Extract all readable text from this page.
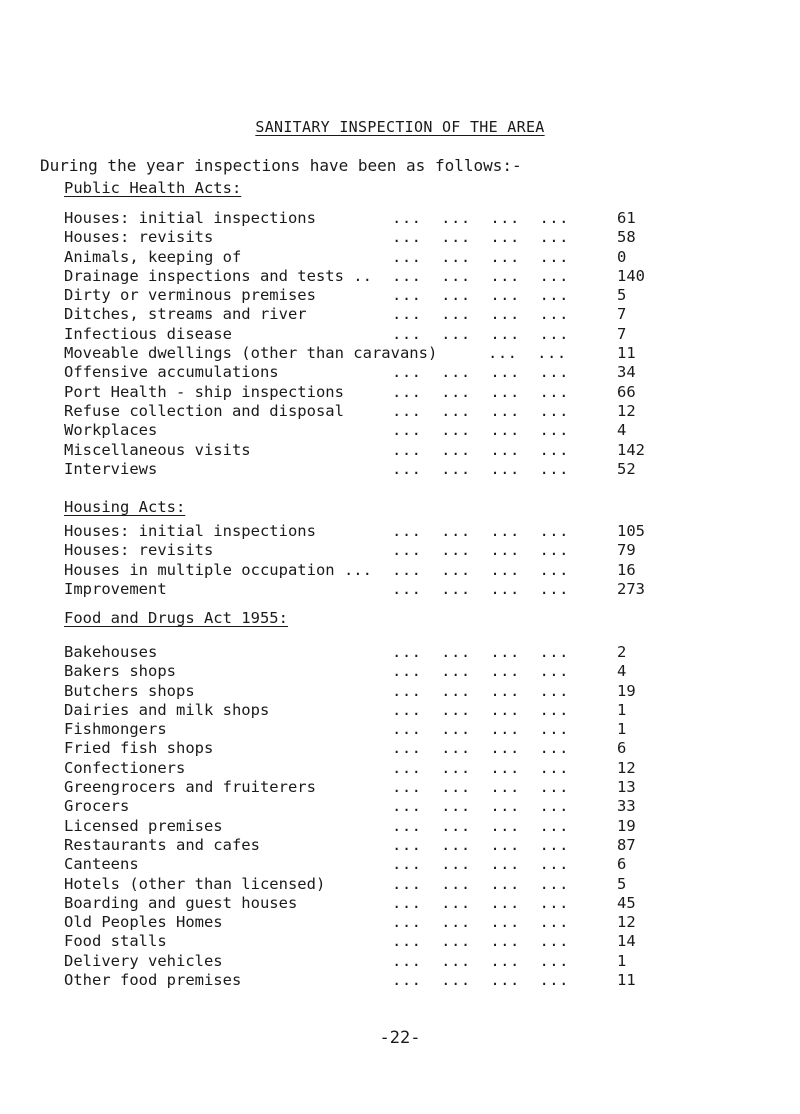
SANITARY INSPECTION OF THE AREA
During the year inspections have been as follows:-
Public Health Acts:
Houses: initial inspections	...  ...  ...  ...	61
Houses: revisits	...  ...  ...  ...	58
Animals, keeping of	...  ...  ...  ...	0
Drainage inspections and tests .. ...  ...  ...  ...	140
Dirty or verminous premises	...  ...  ...  ...	5
Ditches, streams and river	...  ...  ...  ...	7
Infectious disease	...  ...  ...  ...	7
Moveable dwellings (other than caravans)	...  ...	11
Offensive accumulations	...  ...  ...  ...	34
Port Health - ship inspections	...  ...  ...  ...	66
Refuse collection and disposal	...  ...  ...  ...	12
Workplaces	...  ...  ...  ...	4
Miscellaneous visits	...  ...  ...  ...	142
Interviews	...  ...  ...  ...	52
Housing Acts:
Houses: initial inspections	...  ...  ...  ...	105
Houses: revisits	...  ...  ...  ...	79
Houses in multiple occupation ... ...  ...  ...  ...	16
Improvement	...  ...  ...  ...	273
Food and Drugs Act 1955:
Bakehouses	...  ...  ...  ...	2
Bakers shops	...  ...  ...  ...	4
Butchers shops	...  ...  ...  ...	19
Dairies and milk shops	...  ...  ...  ...	1
Fishmongers	...  ...  ...  ...	1
Fried fish shops	...  ...  ...  ...	6
Confectioners	...  ...  ...  ...	12
Greengrocers and fruiterers	...  ...  ...  ...	13
Grocers	...  ...  ...  ...	33
Licensed premises	...  ...  ...  ...	19
Restaurants and cafes	...  ...  ...  ...	87
Canteens	...  ...  ...  ...	6
Hotels (other than licensed)	...  ...  ...  ...	5
Boarding and guest houses	...  ...  ...  ...	45
Old Peoples Homes	...  ...  ...  ...	12
Food stalls	...  ...  ...  ...	14
Delivery vehicles	...  ...  ...  ...	1
Other food premises	...  ...  ...  ...	11
-22-
